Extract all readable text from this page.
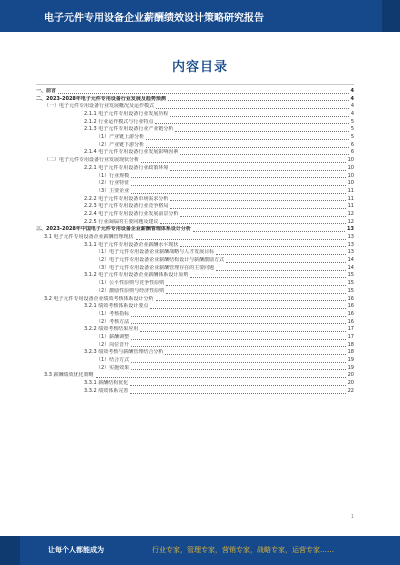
电子元件专用设备企业薪酬绩效设计策略研究报告
内容目录
一、前言	4
二、2023-2028年电子元件专用设备行业发展及趋势预测	4
（一）电子元件专用设备行业发展概况及运作模式	4
2.1.1 电子元件专用设备行业发展历程	4
2.1.2 行业运作模式与行业特点	5
2.1.3 电子元件专用设备行业产业链分析	5
（1）产业链上游分析	5
（2）产业链下游分析	6
2.1.4 电子元件专用设备行业发展影响因素	6
（二）电子元件专用设备行业发展现状分析	10
2.2.1 电子元件专用设备行业政策环境	10
（1）行业规模	10
（2）行业特征	10
（3）主要企业	11
2.2.2 电子元件专用设备市场需求分析	11
2.2.3 电子元件专用设备行业竞争格局	11
2.2.4 电子元件专用设备行业发展前景分析	12
2.2.5 行业面临的主要问题及建议	12
三、2023-2028年中国电子元件专用设备企业薪酬管理体系设计分析	13
3.1 电子元件专用设备企业薪酬管理现状	13
3.1.1 电子元件专用设备企业薪酬水平现状	13
（1）电子元件专用设备企业薪酬战略与人才发展目标	13
（2）电子元件专用设备企业薪酬结构设计与薪酬激励方式	14
（3）电子元件专用设备企业薪酬管理存在的主要问题	14
3.1.2 电子元件专用设备企业薪酬体系设计原则	15
（1）公平性原则与竞争性原则	15
（2）激励性原则与经济性原则	15
3.2 电子元件专用设备企业绩效考核体系设计分析	16
3.2.1 绩效考核体系设计要点	16
（1）考核指标	16
（2）考核方法	16
3.2.2 绩效考核结果应用	17
（1）薪酬调整	17
（2）岗位晋升	18
3.2.3 绩效考核与薪酬管理结合分析	18
（1）结合方式	19
（2）实施效果	19
3.3 薪酬绩效优化策略	20
3.3.1 薪酬结构优化	20
3.3.2 绩效体系完善	22
1
让每个人都能成为	行业专家，管理专家，营销专家，战略专家，运营专家……
